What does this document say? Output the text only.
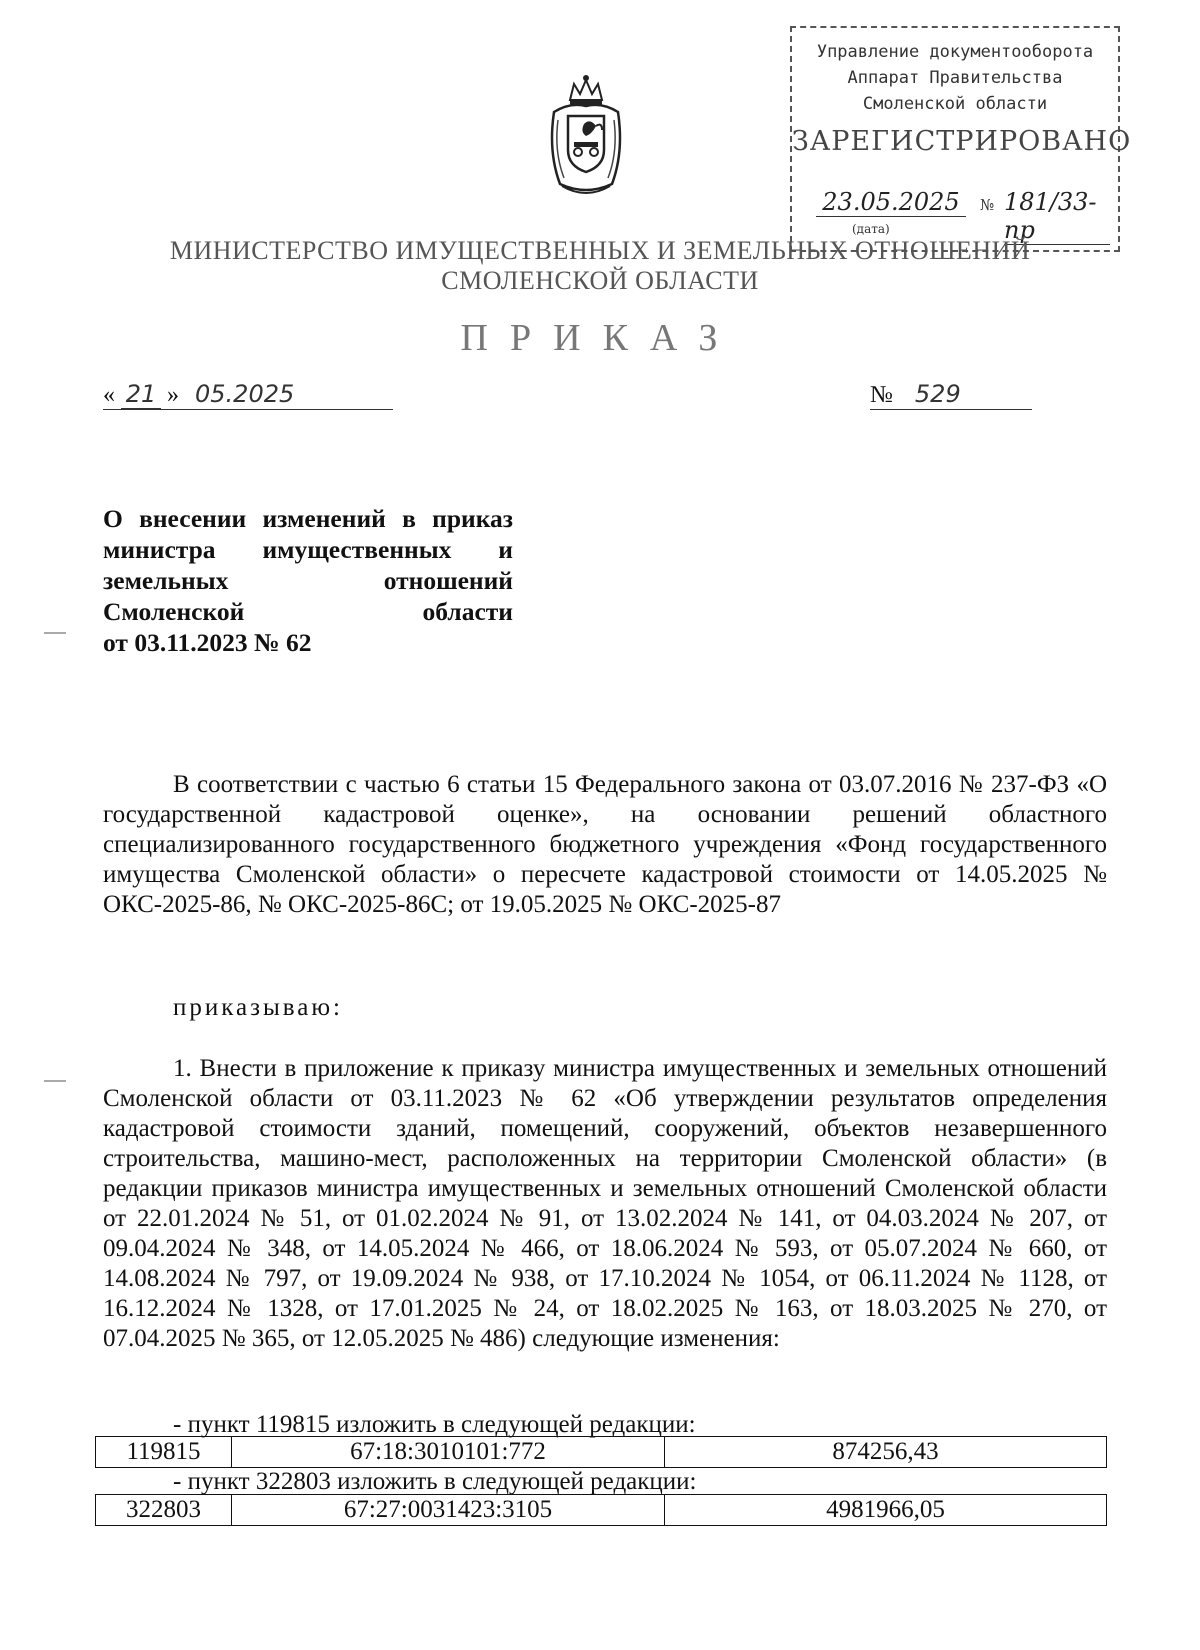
Управление документооборота
Аппарат Правительства
Смоленской области
ЗАРЕГИСТРИРОВАНО
23.05.2025	№ 181/33-пр
(дата)
МИНИСТЕРСТВО ИМУЩЕСТВЕННЫХ И ЗЕМЕЛЬНЫХ ОТНОШЕНИЙ
СМОЛЕНСКОЙ ОБЛАСТИ
ПРИКАЗ
« 21 » 05.2025	№ 529
О внесении изменений в приказ
министра имущественных и
земельных отношений
Смоленской области
от 03.11.2023 № 62

В соответствии с частью 6 статьи 15 Федерального закона от 03.07.2016 № 237-ФЗ «О государственной кадастровой оценке», на основании решений областного специализированного государственного бюджетного учреждения «Фонд государственного имущества Смоленской области» о пересчете кадастровой стоимости от 14.05.2025 № ОКС-2025-86, № ОКС-2025-86С; от 19.05.2025 № ОКС-2025-87

приказываю:

1. Внести в приложение к приказу министра имущественных и земельных отношений Смоленской области от 03.11.2023 № 62 «Об утверждении результатов определения кадастровой стоимости зданий, помещений, сооружений, объектов незавершенного строительства, машино-мест, расположенных на территории Смоленской области» (в редакции приказов министра имущественных и земельных отношений Смоленской области от 22.01.2024 № 51, от 01.02.2024 № 91, от 13.02.2024 № 141, от 04.03.2024 № 207, от 09.04.2024 № 348, от 14.05.2024 № 466, от 18.06.2024 № 593, от 05.07.2024 № 660, от 14.08.2024 № 797, от 19.09.2024 № 938, от 17.10.2024 № 1054, от 06.11.2024 № 1128, от 16.12.2024 № 1328, от 17.01.2025 № 24, от 18.02.2025 № 163, от 18.03.2025 № 270, от 07.04.2025 № 365, от 12.05.2025 № 486) следующие изменения:

- пункт 119815 изложить в следующей редакции:
119815	67:18:3010101:772	874256,43
- пункт 322803 изложить в следующей редакции:
322803	67:27:0031423:3105	4981966,05
